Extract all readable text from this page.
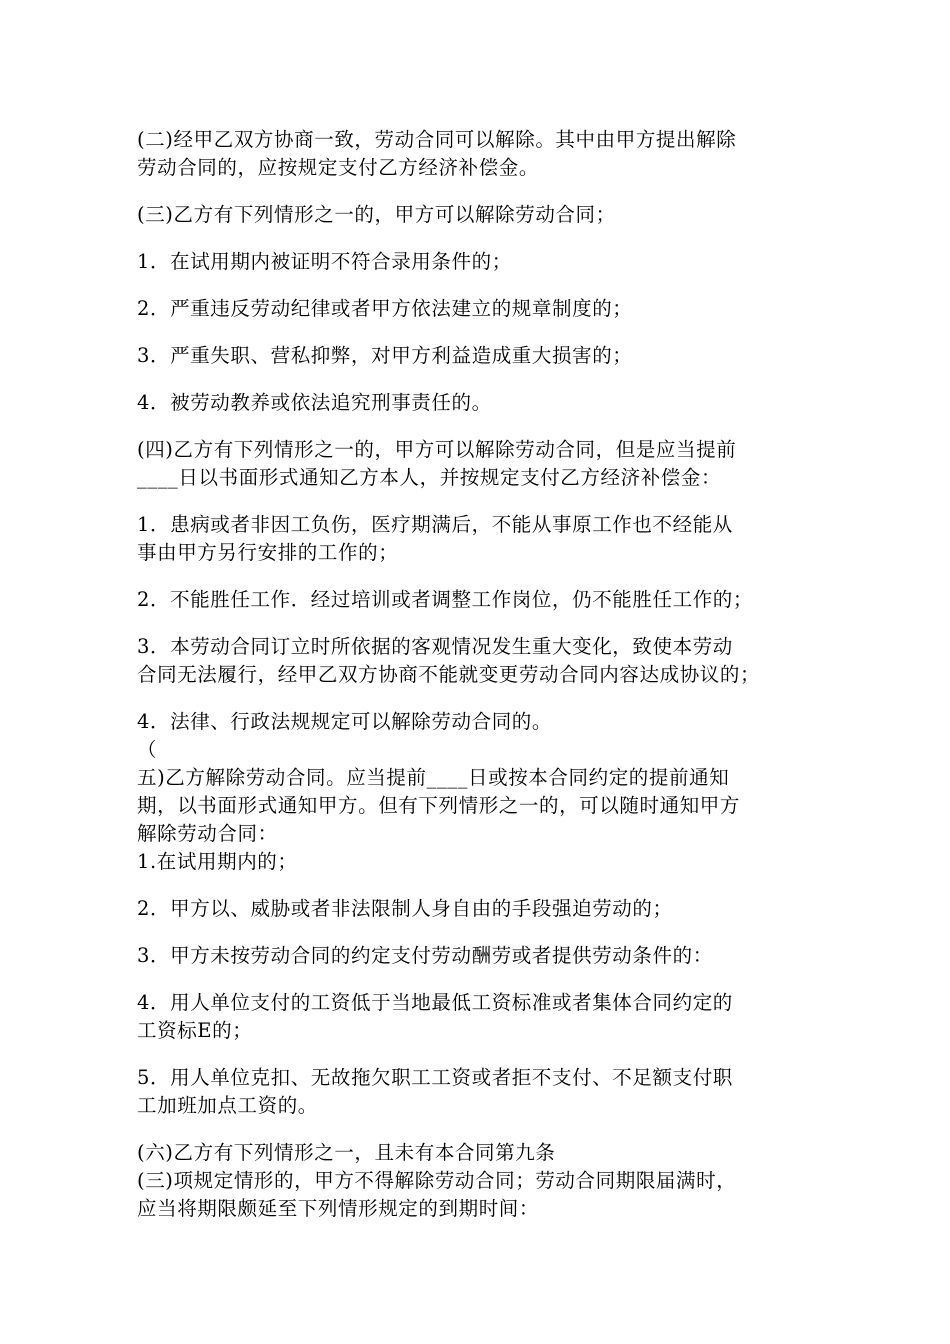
(二)经甲乙双方协商一致，劳动合同可以解除。其中由甲方提出解除
劳动合同的，应按规定支付乙方经济补偿金。
(三)乙方有下列情形之一的，甲方可以解除劳动合同；
1．在试用期内被证明不符合录用条件的；
2．严重违反劳动纪律或者甲方依法建立的规章制度的；
3．严重失职、营私抑弊，对甲方利益造成重大损害的；
4．被劳动教养或依法追究刑事责任的。
(四)乙方有下列情形之一的，甲方可以解除劳动合同，但是应当提前
____日以书面形式通知乙方本人，并按规定支付乙方经济补偿金：
1．患病或者非因工负伤，医疗期满后，不能从事原工作也不经能从
事由甲方另行安排的工作的；
2．不能胜任工作．经过培训或者调整工作岗位，仍不能胜任工作的；
3．本劳动合同订立时所依据的客观情况发生重大变化，致使本劳动
合同无法履行，经甲乙双方协商不能就变更劳动合同内容达成协议的；
4．法律、行政法规规定可以解除劳动合同的。
（
五)乙方解除劳动合同。应当提前____日或按本合同约定的提前通知
期，以书面形式通知甲方。但有下列情形之一的，可以随时通知甲方
解除劳动合同：
1.在试用期内的；
2．甲方以、威胁或者非法限制人身自由的手段强迫劳动的；
3．甲方未按劳动合同的约定支付劳动酬劳或者提供劳动条件的：
4．用人单位支付的工资低于当地最低工资标准或者集体合同约定的
工资标E的；
5．用人单位克扣、无故拖欠职工工资或者拒不支付、不足额支付职
工加班加点工资的。
(六)乙方有下列情形之一，且未有本合同第九条
(三)项规定情形的，甲方不得解除劳动合同；劳动合同期限届满时，
应当将期限颇延至下列情形规定的到期时间：
